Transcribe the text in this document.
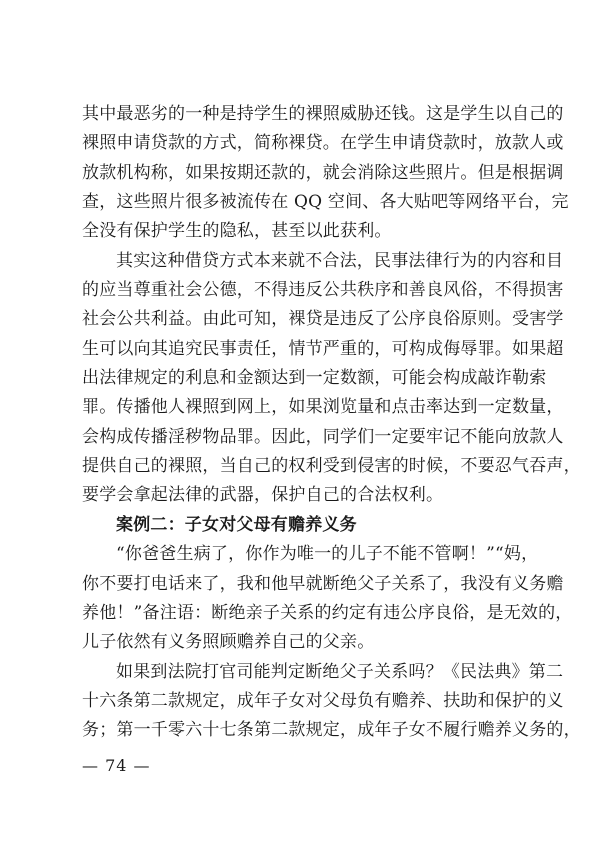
其中最恶劣的一种是持学生的裸照威胁还钱。这是学生以自己的
裸照申请贷款的方式，简称裸贷。在学生申请贷款时，放款人或
放款机构称，如果按期还款的，就会消除这些照片。但是根据调
查，这些照片很多被流传在 QQ 空间、各大贴吧等网络平台，完
全没有保护学生的隐私，甚至以此获利。
其实这种借贷方式本来就不合法，民事法律行为的内容和目
的应当尊重社会公德，不得违反公共秩序和善良风俗，不得损害
社会公共利益。由此可知，裸贷是违反了公序良俗原则。受害学
生可以向其追究民事责任，情节严重的，可构成侮辱罪。如果超
出法律规定的利息和金额达到一定数额，可能会构成敲诈勒索
罪。传播他人裸照到网上，如果浏览量和点击率达到一定数量，
会构成传播淫秽物品罪。因此，同学们一定要牢记不能向放款人
提供自己的裸照，当自己的权利受到侵害的时候，不要忍气吞声，
要学会拿起法律的武器，保护自己的合法权利。
案例二：子女对父母有赡养义务
“你爸爸生病了，你作为唯一的儿子不能不管啊！”“妈，
你不要打电话来了，我和他早就断绝父子关系了，我没有义务赡
养他！”备注语：断绝亲子关系的约定有违公序良俗，是无效的，
儿子依然有义务照顾赡养自己的父亲。
如果到法院打官司能判定断绝父子关系吗？《民法典》第二
十六条第二款规定，成年子女对父母负有赡养、扶助和保护的义
务；第一千零六十七条第二款规定，成年子女不履行赡养义务的，
— 74 —
